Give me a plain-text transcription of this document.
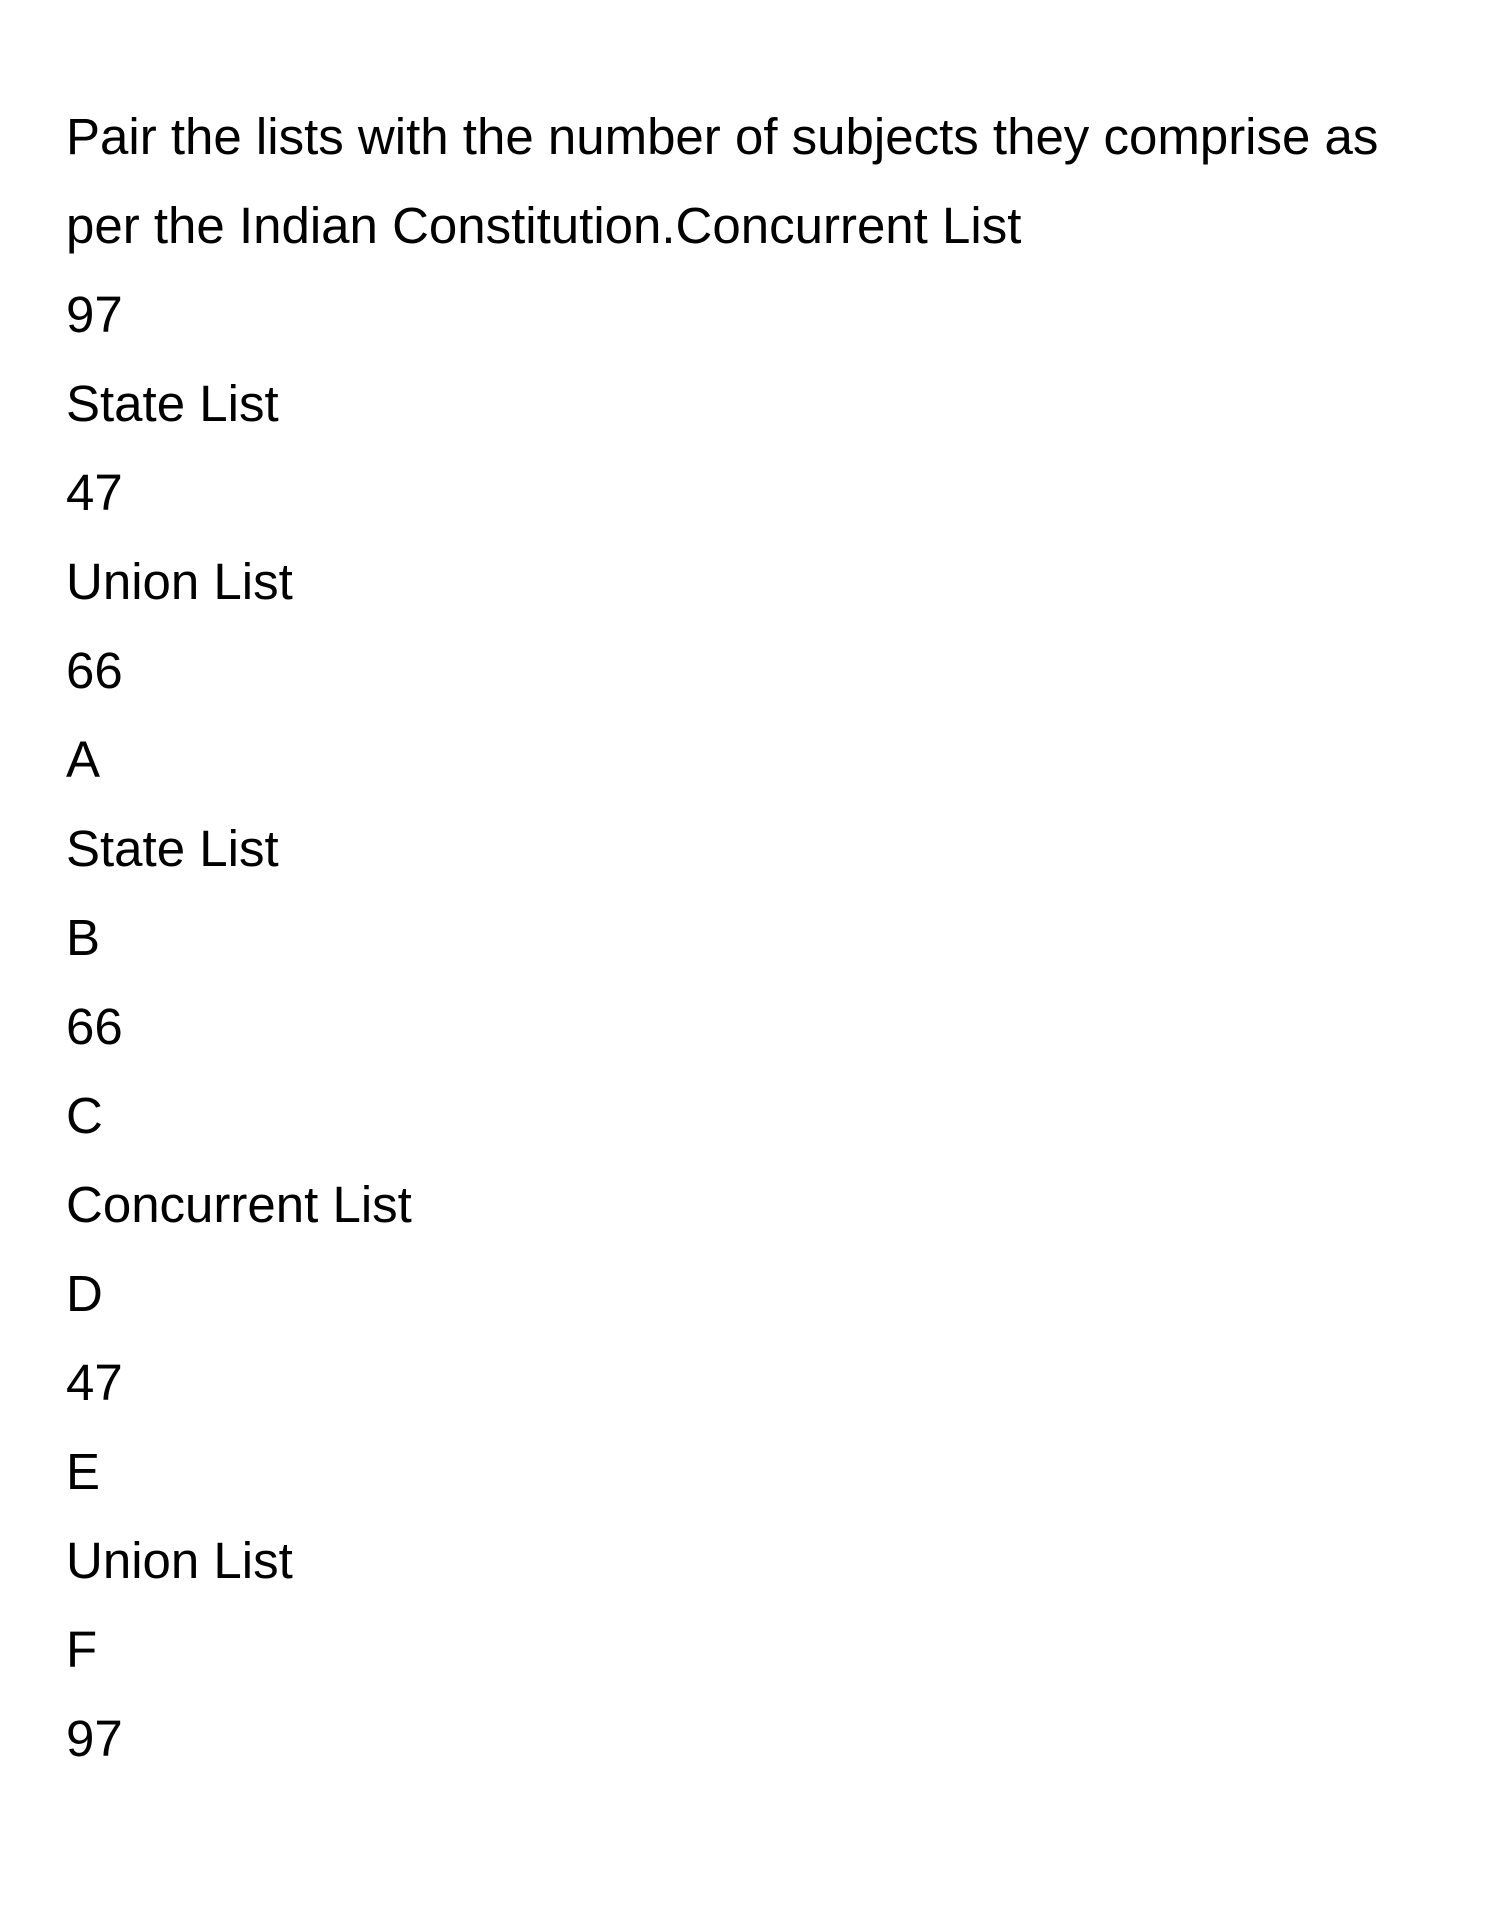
Pair the lists with the number of subjects they comprise as per the Indian Constitution.Concurrent List

97
State List
47
Union List
66
A
State List
B
66
C
Concurrent List
D
47
E
Union List
F
97
